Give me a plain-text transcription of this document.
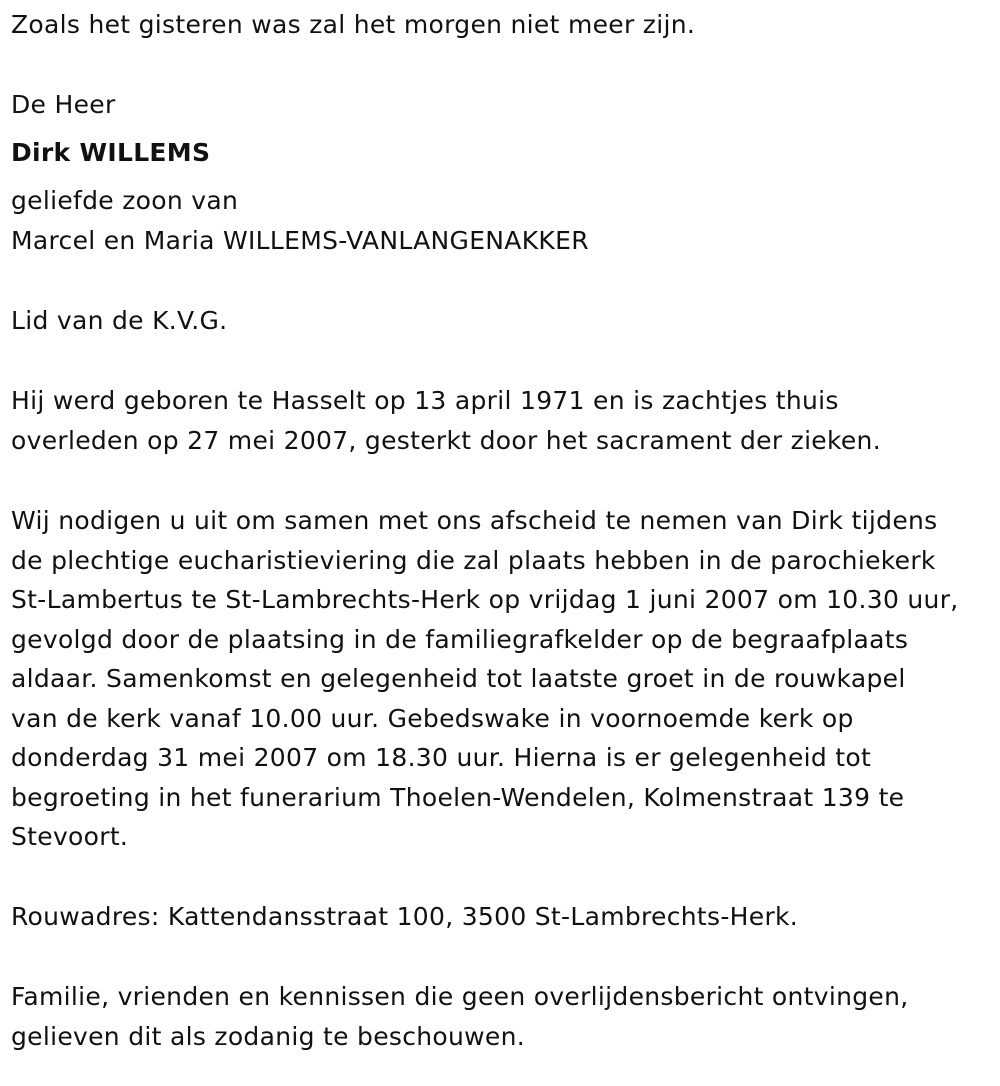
Zoals het gisteren was zal het morgen niet meer zijn.
De Heer
Dirk WILLEMS
geliefde zoon van
Marcel en Maria WILLEMS-VANLANGENAKKER
Lid van de K.V.G.
Hij werd geboren te Hasselt op 13 april 1971 en is zachtjes thuis
overleden op 27 mei 2007, gesterkt door het sacrament der zieken.
Wij nodigen u uit om samen met ons afscheid te nemen van Dirk tijdens
de plechtige eucharistieviering die zal plaats hebben in de parochiekerk
St-Lambertus te St-Lambrechts-Herk op vrijdag 1 juni 2007 om 10.30 uur,
gevolgd door de plaatsing in de familiegrafkelder op de begraafplaats
aldaar. Samenkomst en gelegenheid tot laatste groet in de rouwkapel
van de kerk vanaf 10.00 uur. Gebedswake in voornoemde kerk op
donderdag 31 mei 2007 om 18.30 uur. Hierna is er gelegenheid tot
begroeting in het funerarium Thoelen-Wendelen, Kolmenstraat 139 te
Stevoort.
Rouwadres: Kattendansstraat 100, 3500 St-Lambrechts-Herk.
Familie, vrienden en kennissen die geen overlijdensbericht ontvingen,
gelieven dit als zodanig te beschouwen.
